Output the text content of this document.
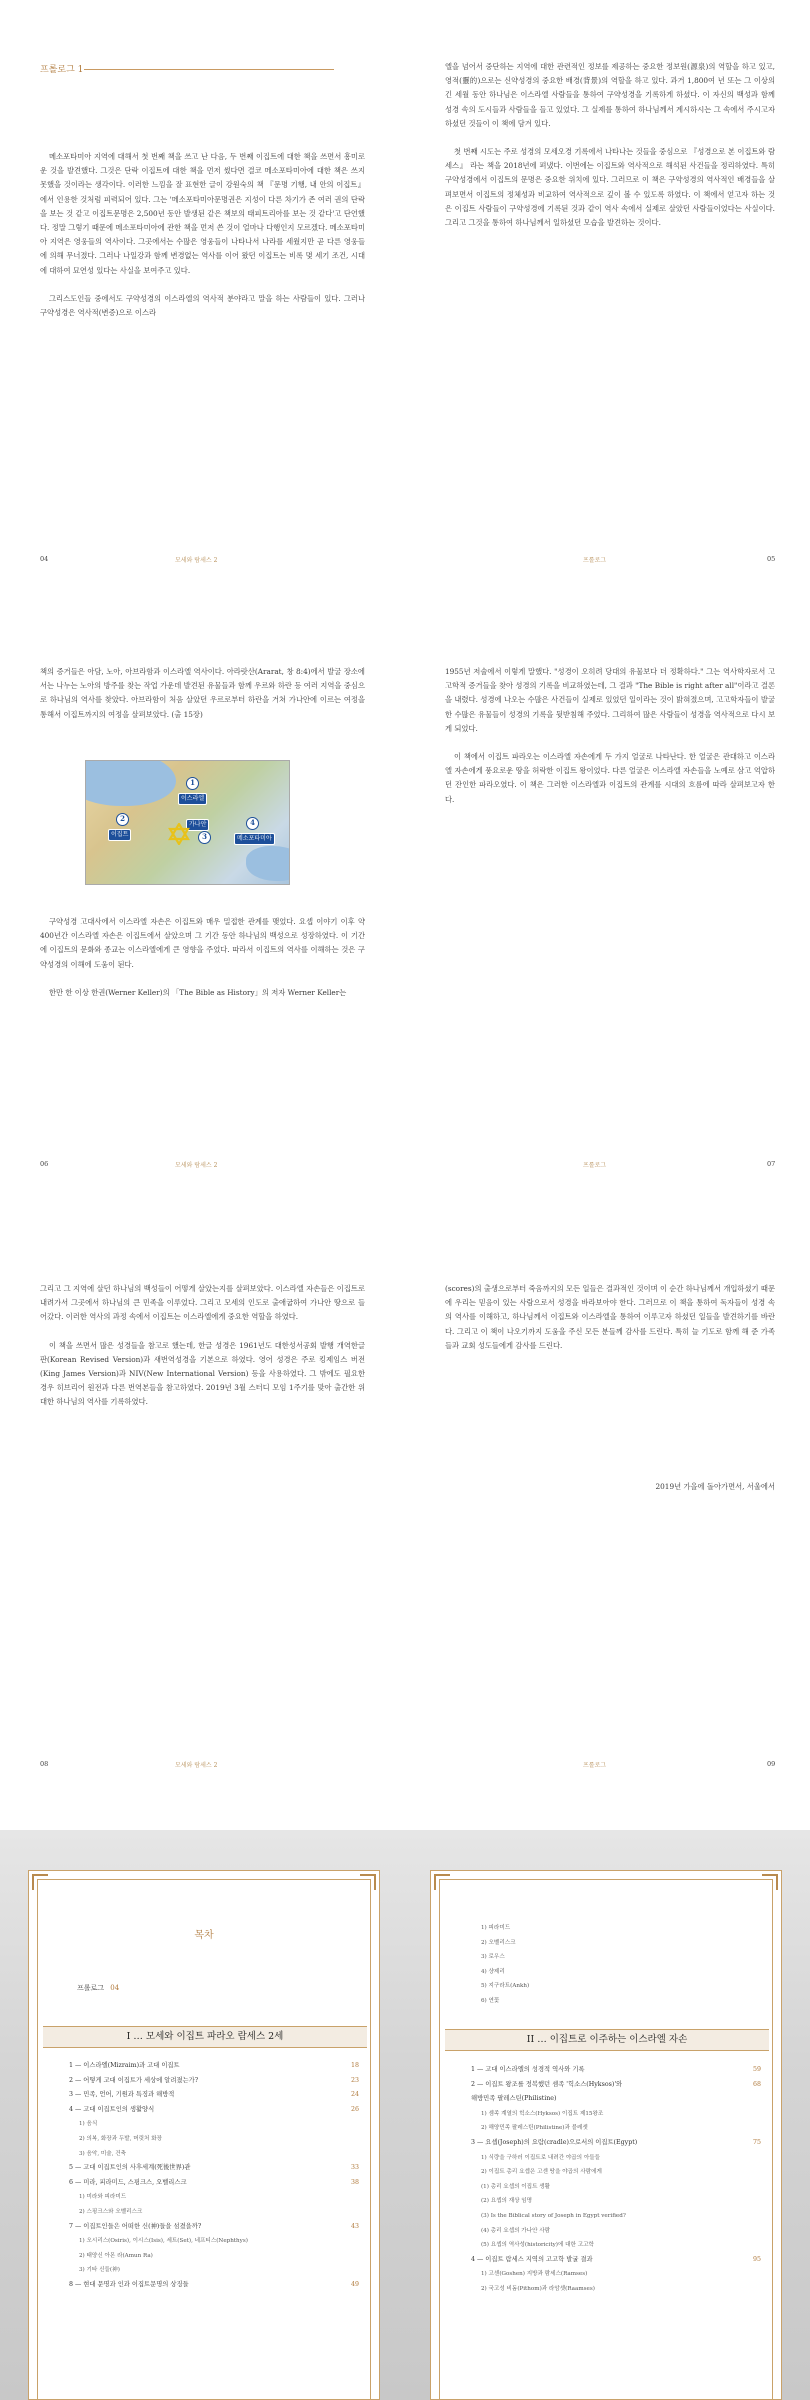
프롤로그 1

메소포타미아 지역에 대해서 첫 번째 책을 쓰고 난 다음, 두 번째 이집트에 대한 책을 쓰면서 흥미로운 것을 발견했다. 그것은 단락 이집트에 대한 책을 먼저 썼다면 결코 메소포타미아에 대한 책은 쓰지 못했을 것이라는 생각이다. 이러한 느낌을 잘 표현한 글이 강원숙의 책 『문명 기행, 내 안의 이집트』에서 인용한 것처럼 피력되어 있다. 그는 '메소포타미아문명권은 지성이 다른 차기가 존 여러 권의 단락을 보는 것 같고 이집트문명은 2,500년 동안 발생된 같은 책보의 태피트리아를 보는 것 같다'고 단언했다. 정말 그렇기 때문에 메소포타미아에 관한 책을 먼저 쓴 것이 얼마나 다행인지 모르겠다. 메소포타미아 지역은 영웅들의 역사이다. 그곳에서는 수많은 영웅들이 나타나서 나라를 세웠지만 곧 다른 영웅들에 의해 무너졌다. 그러나 나일강과 함께 변경없는 역사를 이어 왔던 이집트는 비록 몇 세기 조건, 시대에 대하여 묘연성 있다는 사실을 보여주고 있다.

그리스도인들 중에서도 구약성경의 이스라엘의 역사적 분야라고 말을 하는 사람들이 있다. 그러나 구약성경은 역사적(변증)으로 이스라

04	모세와 람세스 2

엘을 넘어서 중단하는 지역에 대한 관련적인 정보를 제공하는 중요한 정보원(源泉)의 역할을 하고 있고, 영적(靈的)으로는 신약성경의 중요한 배경(背景)의 역할을 하고 있다. 과거 1,800여 년 또는 그 이상의 긴 세월 동안 하나님은 이스라엘 사람들을 통하여 구약성경을 기록하게 하셨다. 이 자신의 백성과 함께 성경 속의 도시들과 사람들을 들고 있었다. 그 실제를 통하여 하나님께서 계시하시는 그 속에서 주시고자 하셨던 것들이 이 책에 담겨 있다.

첫 번째 시도는 주로 성경의 모세오경 기록에서 나타나는 것들을 중심으로 『성경으로 본 이집트와 람세스』 라는 책을 2018년에 펴냈다. 이번에는 이집트와 역사적으로 해석된 사건들을 정리하였다. 특히 구약성경에서 이집트의 문명은 중요한 위치에 있다. 그러므로 이 책은 구약성경의 역사적인 배경들을 살펴보면서 이집트의 정체성과 비교하여 역사적으로 깊이 볼 수 있도록 하였다. 이 책에서 얻고자 하는 것은 이집트 사람들이 구약성경에 기록된 것과 같이 역사 속에서 실제로 살았던 사람들이었다는 사실이다. 그리고 그것을 통하여 하나님께서 일하셨던 모습을 발견하는 것이다.

프롤로그	05

책의 증거들은 아담, 노아, 아브라함과 이스라엘 역사이다. 아라랏산(Ararat, 창 8:4)에서 발굴 장소에서는 나누는 노아의 방주를 찾는 작업 가운데 발견된 유물들과 함께 우르와 하란 등 여러 지역을 중심으로 하나님의 역사를 찾았다. 아브라함이 처음 살았던 우르로부터 하란을 거쳐 가나안에 이르는 여정을 통해서 이집트까지의 여정을 살펴보았다. (출 15장)

1
2
3
4
이스라엘
가나안
이집트
메소포타미아

구약성경 고대사에서 이스라엘 자손은 이집트와 매우 밀접한 관계를 맺었다. 요셉 이야기 이후 약 400년간 이스라엘 자손은 이집트에서 살았으며 그 기간 동안 하나님의 백성으로 성장하였다. 이 기간에 이집트의 문화와 종교는 이스라엘에게 큰 영향을 주었다. 따라서 이집트의 역사를 이해하는 것은 구약성경의 이해에 도움이 된다.

한만 한 이상 한권(Werner Keller)의 「The Bible as History」의 저자 Werner Keller는

06	모세와 람세스 2

1955년 저술에서 이렇게 말했다. "성경이 오히려 당대의 유물보다 더 정확하다." 그는 역사학자로서 고고학적 증거들을 찾아 성경의 기록을 비교하였는데, 그 결과 "The Bible is right after all"이라고 결론을 내렸다. 성경에 나오는 수많은 사건들이 실제로 있었던 일이라는 것이 밝혀졌으며, 고고학자들이 발굴한 수많은 유물들이 성경의 기록을 뒷받침해 주었다. 그리하여 많은 사람들이 성경을 역사적으로 다시 보게 되었다.

이 책에서 이집트 파라오는 이스라엘 자손에게 두 가지 얼굴로 나타난다. 한 얼굴은 관대하고 이스라엘 자손에게 풍요로운 땅을 허락한 이집트 왕이었다. 다른 얼굴은 이스라엘 자손들을 노예로 삼고 억압하던 잔인한 파라오였다. 이 책은 그러한 이스라엘과 이집트의 관계를 시대의 흐름에 따라 살펴보고자 한다.

프롤로그	07

그리고 그 지역에 살던 하나님의 백성들이 어떻게 살았는지를 살펴보았다. 이스라엘 자손들은 이집트로 내려가서 그곳에서 하나님의 큰 민족을 이루었다. 그리고 모세의 인도로 출애굽하여 가나안 땅으로 들어갔다. 이러한 역사의 과정 속에서 이집트는 이스라엘에게 중요한 역할을 하였다.

이 책을 쓰면서 많은 성경들을 참고로 했는데, 한글 성경은 1961년도 대한성서공회 발행 개역한글판(Korean Revised Version)과 새번역성경을 기본으로 하였다. 영어 성경은 주로 킹제임스 버전(King James Version)과 NIV(New International Version) 등을 사용하였다. 그 밖에도 필요한 경우 히브리어 원전과 다른 번역본들을 참고하였다. 2019년 3월 스터디 모임 1주기를 맞아 출간한 위대한 하나님의 역사를 기록하였다.

08	모세와 람세스 2

(scores)의 출생으로부터 죽음까지의 모든 일들은 결과적인 것이며 이 순간 하나님께서 개입하셨기 때문에 우리는 믿음이 있는 사람으로서 성경을 바라보아야 한다. 그러므로 이 책을 통하여 독자들이 성경 속의 역사를 이해하고, 하나님께서 이집트와 이스라엘을 통하여 이루고자 하셨던 일들을 발견하기를 바란다. 그리고 이 책이 나오기까지 도움을 주신 모든 분들께 감사를 드린다. 특히 늘 기도로 함께 해 준 가족들과 교회 성도들에게 감사를 드린다.

2019년 가을에 돌아가면서, 서울에서
프롤로그	09
목차
프롤로그 04
I … 모세와 이집트 파라오 람세스 2세
1 — 이스라엘(Mizraim)과 고대 이집트	18
2 — 어떻게 고대 이집트가 세상에 알려졌는가?	23
3 — 민족, 언어, 기원과 특징과 해방적	24
4 — 고대 이집트인의 생활양식	26
1) 음식
2) 의복, 화장과 두발, 머릿처 화장
3) 음악, 미술, 건축
5 — 고대 이집트인의 사후세계(死後世界)관	33
6 — 미라, 피라미드, 스핑크스, 오벨리스크	38
1) 미라와 피라미드
2) 스핑크스와 오벨리스크
7 — 이집트인들은 어떠한 신(神)들을 섬겼을까?	43
1) 오시리스(Osiris), 이시스(Isis), 세트(Set), 네프티스(Nephthys)
2) 태양신 아몬 라(Amun Ra)
3) 기타 신들(神)
8 — 현대 문명과 인과 이집트문명의 상징들	49
1) 피라미드
2) 오벨리스크
3) 로우스
4) 샹제리
5) 지구라트(Ankh)
6) 연꽃
II … 이집트로 이주하는 이스라엘 자손
1 — 고대 이스라엘의 성경적 역사와 기록	59
2 — 이집트 왕조를 정복했던 셈족 '힉소스(Hyksos)'와	68
해방민족 팔레스틴(Philistine)
1) 셈족 계열의 힉소스(Hyksos) 이집트 제15왕조
2) 해양민족 팔레스틴(Philistine)과 블레셋
3 — 요셉(Joseph)의 요람(cradle)으로서의 이집트(Egypt)	75
1) 식량을 구하러 이집트로 내려간 야곱의 아들들
2) 이집트 총리 요셉은 고센 땅을 야곱의 사람에게
(1) 총리 요셉의 이집트 생활
(2) 요셉의 재상 임명
(3) Is the Biblical story of Joseph in Egypt verified?
(4) 총리 요셉의 가나안 사람
(5) 요셉의 역사성(historicity)에 대한 고고학
4 — 이집트 람세스 지역의 고고학 발굴 결과	95
1) 고센(Goshen) 지방과 람세스(Ramses)
2) 국고성 비돔(Pithom)과 라암셋(Raamses)
